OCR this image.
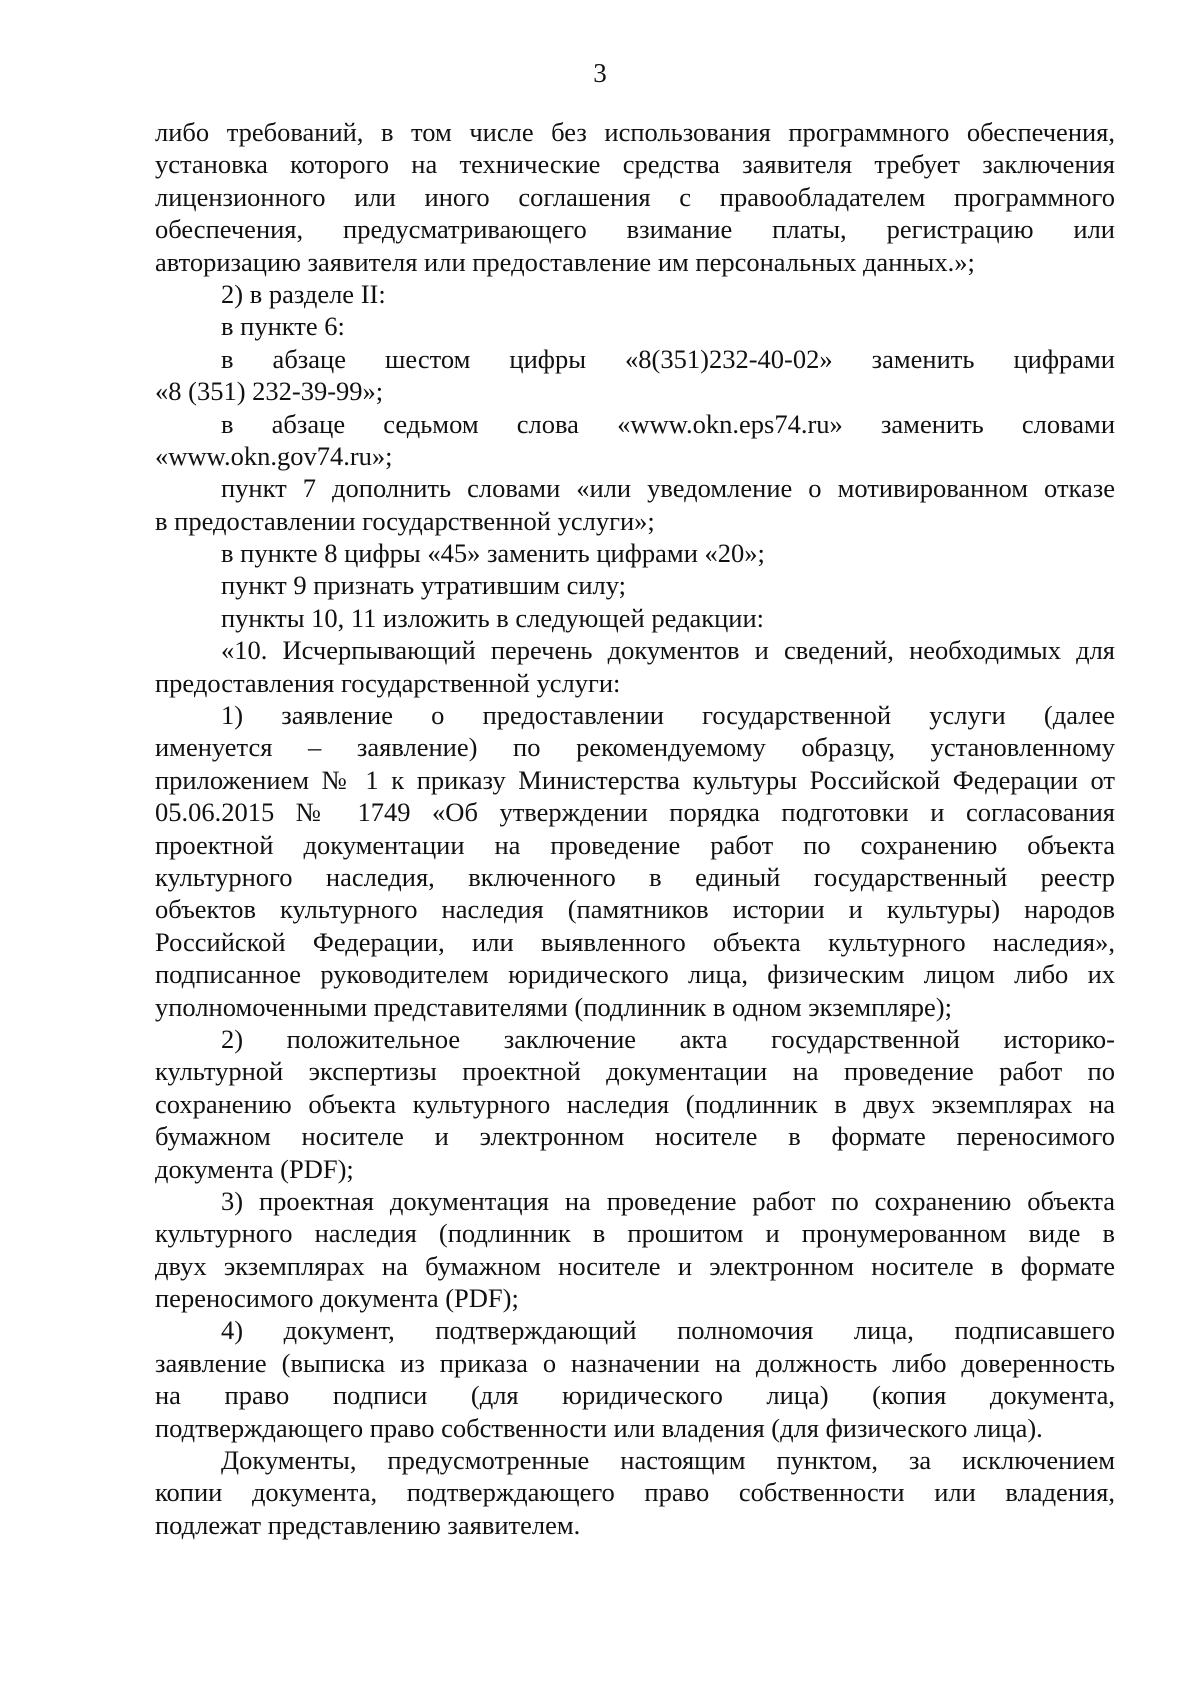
3
либо требований, в том числе без использования программного обеспечения,
установка которого на технические средства заявителя требует заключения
лицензионного или иного соглашения с правообладателем программного
обеспечения, предусматривающего взимание платы, регистрацию или
авторизацию заявителя или предоставление им персональных данных.»;
2) в разделе II:
в пункте 6:
в абзаце шестом цифры «8(351)232-40-02» заменить цифрами
«8 (351) 232-39-99»;
в абзаце седьмом слова «www.okn.eps74.ru» заменить словами
«www.okn.gov74.ru»;
пункт 7 дополнить словами «или уведомление о мотивированном отказе
в предоставлении государственной услуги»;
в пункте 8 цифры «45» заменить цифрами «20»;
пункт 9 признать утратившим силу;
пункты 10, 11 изложить в следующей редакции:
«10. Исчерпывающий перечень документов и сведений, необходимых для
предоставления государственной услуги:
1) заявление о предоставлении государственной услуги (далее
именуется – заявление) по рекомендуемому образцу, установленному
приложением № 1 к приказу Министерства культуры Российской Федерации от
05.06.2015 № 1749 «Об утверждении порядка подготовки и согласования
проектной документации на проведение работ по сохранению объекта
культурного наследия, включенного в единый государственный реестр
объектов культурного наследия (памятников истории и культуры) народов
Российской Федерации, или выявленного объекта культурного наследия»,
подписанное руководителем юридического лица, физическим лицом либо их
уполномоченными представителями (подлинник в одном экземпляре);
2) положительное заключение акта государственной историко-
культурной экспертизы проектной документации на проведение работ по
сохранению объекта культурного наследия (подлинник в двух экземплярах на
бумажном носителе и электронном носителе в формате переносимого
документа (PDF);
3) проектная документация на проведение работ по сохранению объекта
культурного наследия (подлинник в прошитом и пронумерованном виде в
двух экземплярах на бумажном носителе и электронном носителе в формате
переносимого документа (PDF);
4) документ, подтверждающий полномочия лица, подписавшего
заявление (выписка из приказа о назначении на должность либо доверенность
на право подписи (для юридического лица) (копия документа,
подтверждающего право собственности или владения (для физического лица).
Документы, предусмотренные настоящим пунктом, за исключением
копии документа, подтверждающего право собственности или владения,
подлежат представлению заявителем.
